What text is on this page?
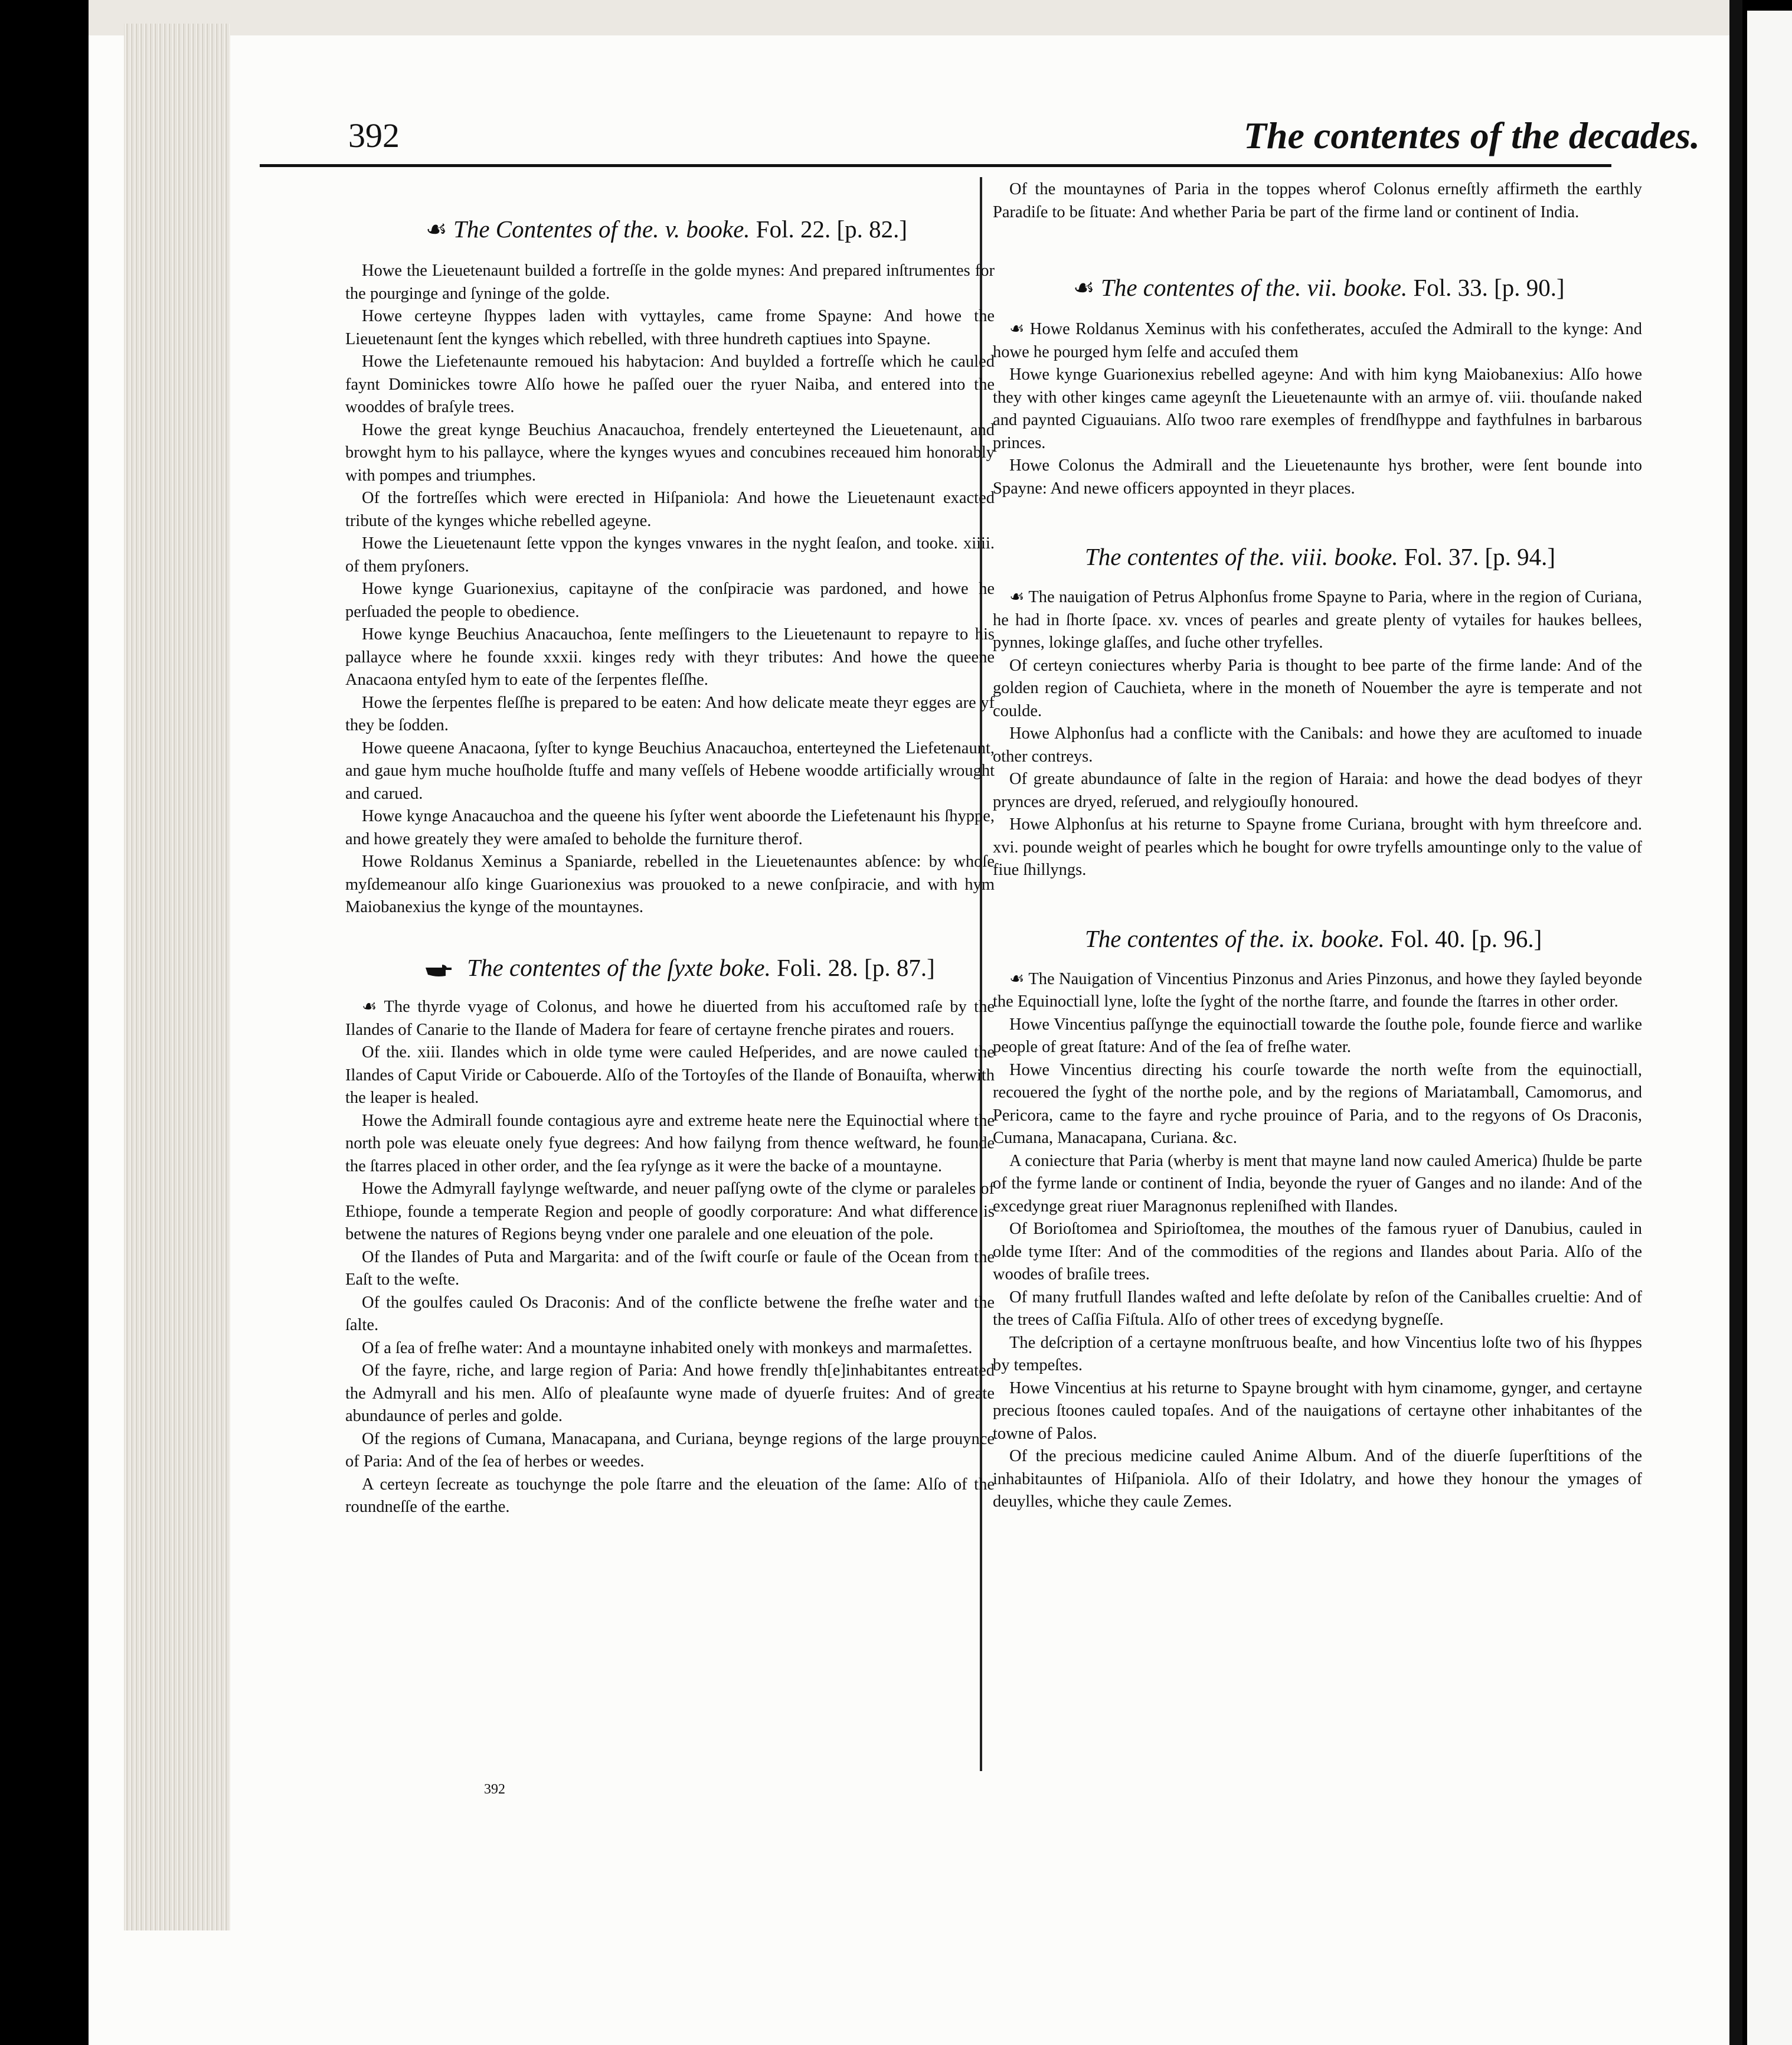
392	The contentes of the decades.

☙ The Contentes of the. v. booke. Fol. 22. [p. 82.]

Howe the Lieuetenaunt builded a fortreſſe in the golde mynes: And prepared inſtrumentes for the pourginge and ſyninge of the golde.

Howe certeyne ſhyppes laden with vyttayles, came frome Spayne: And howe the Lieuetenaunt ſent the kynges which rebelled, with three hundreth captiues into Spayne.

Howe the Liefetenaunte remoued his habytacion: And buylded a fortreſſe which he cauled faynt Dominickes towre Alſo howe he paſſed ouer the ryuer Naiba, and entered into the wooddes of braſyle trees.

Howe the great kynge Beuchius Anacauchoa, frendely enterteyned the Lieuetenaunt, and browght hym to his pallayce, where the kynges wyues and concubines receaued him honorably with pompes and triumphes.

Of the fortreſſes which were erected in Hiſpaniola: And howe the Lieuetenaunt exacted tribute of the kynges whiche rebelled ageyne.

Howe the Lieuetenaunt ſette vppon the kynges vnwares in the nyght ſeaſon, and tooke. xiiii. of them pryſoners.

Howe kynge Guarionexius, capitayne of the conſpiracie was pardoned, and howe he perſuaded the people to obedience.

Howe kynge Beuchius Anacauchoa, ſente meſſingers to the Lieuetenaunt to repayre to his pallayce where he founde xxxii. kinges redy with theyr tributes: And howe the queene Anacaona entyſed hym to eate of the ſerpentes fleſſhe.

Howe the ſerpentes fleſſhe is prepared to be eaten: And how delicate meate theyr egges are yf they be ſodden.

Howe queene Anacaona, ſyſter to kynge Beuchius Anacauchoa, enterteyned the Liefetenaunt, and gaue hym muche houſholde ſtuffe and many veſſels of Hebene woodde artificially wrought and carued.

Howe kynge Anacauchoa and the queene his ſyſter went aboorde the Liefetenaunt his ſhyppe, and howe greately they were amaſed to beholde the furniture therof.

Howe Roldanus Xeminus a Spaniarde, rebelled in the Lieuetenauntes abſence: by whoſe myſdemeanour alſo kinge Guarionexius was prouoked to a newe conſpiracie, and with hym Maiobanexius the kynge of the mountaynes.

The contentes of the ſyxte boke. Foli. 28. [p. 87.]

☙ The thyrde vyage of Colonus, and howe he diuerted from his accuſtomed raſe by the Ilandes of Canarie to the Ilande of Madera for feare of certayne frenche pirates and rouers.

Of the. xiii. Ilandes which in olde tyme were cauled Heſperides, and are nowe cauled the Ilandes of Caput Viride or Cabouerde. Alſo of the Tortoyſes of the Ilande of Bonauiſta, wherwith the leaper is healed.

Howe the Admirall founde contagious ayre and extreme heate nere the Equinoctial where the north pole was eleuate onely fyue degrees: And how failyng from thence weſtward, he founde the ſtarres placed in other order, and the ſea ryſynge as it were the backe of a mountayne.

Howe the Admyrall faylynge weſtwarde, and neuer paſſyng owte of the clyme or paraleles of Ethiope, founde a temperate Region and people of goodly corporature: And what difference is betwene the natures of Regions beyng vnder one paralele and one eleuation of the pole.

Of the Ilandes of Puta and Margarita: and of the ſwift courſe or faule of the Ocean from the Eaſt to the weſte.

Of the goulfes cauled Os Draconis: And of the conflicte betwene the freſhe water and the ſalte.

Of a ſea of freſhe water: And a mountayne inhabited onely with monkeys and marmaſettes.

Of the fayre, riche, and large region of Paria: And howe frendly th[e]inhabitantes entreated the Admyrall and his men. Alſo of pleaſaunte wyne made of dyuerſe fruites: And of greate abundaunce of perles and golde.

Of the regions of Cumana, Manacapana, and Curiana, beynge regions of the large prouynce of Paria: And of the ſea of herbes or weedes.

A certeyn ſecreate as touchynge the pole ſtarre and the eleuation of the ſame: Alſo of the roundneſſe of the earthe.

Of the mountaynes of Paria in the toppes wherof Colonus erneſtly affirmeth the earthly Paradiſe to be ſituate: And whether Paria be part of the firme land or continent of India.

☙ The contentes of the. vii. booke. Fol. 33. [p. 90.]

☙ Howe Roldanus Xeminus with his confetherates, accuſed the Admirall to the kynge: And howe he pourged hym ſelfe and accuſed them

Howe kynge Guarionexius rebelled ageyne: And with him kyng Maiobanexius: Alſo howe they with other kinges came ageynſt the Lieuetenaunte with an armye of. viii. thouſande naked and paynted Ciguauians. Alſo twoo rare exemples of frendſhyppe and faythfulnes in barbarous princes.

Howe Colonus the Admirall and the Lieuetenaunte hys brother, were ſent bounde into Spayne: And newe officers appoynted in theyr places.

The contentes of the. viii. booke. Fol. 37. [p. 94.]

☙ The nauigation of Petrus Alphonſus frome Spayne to Paria, where in the region of Curiana, he had in ſhorte ſpace. xv. vnces of pearles and greate plenty of vytailes for haukes bellees, pynnes, lokinge glaſſes, and ſuche other tryfelles.

Of certeyn coniectures wherby Paria is thought to bee parte of the firme lande: And of the golden region of Cauchieta, where in the moneth of Nouember the ayre is temperate and not coulde.

Howe Alphonſus had a conflicte with the Canibals: and howe they are acuſtomed to inuade other contreys.

Of greate abundaunce of ſalte in the region of Haraia: and howe the dead bodyes of theyr prynces are dryed, reſerued, and relygiouſly honoured.

Howe Alphonſus at his returne to Spayne frome Curiana, brought with hym threeſcore and. xvi. pounde weight of pearles which he bought for owre tryfells amountinge only to the value of fiue ſhillyngs.

The contentes of the. ix. booke. Fol. 40. [p. 96.]

☙ The Nauigation of Vincentius Pinzonus and Aries Pinzonus, and howe they ſayled beyonde the Equinoctiall lyne, loſte the ſyght of the northe ſtarre, and founde the ſtarres in other order.

Howe Vincentius paſſynge the equinoctiall towarde the ſouthe pole, founde fierce and warlike people of great ſtature: And of the ſea of freſhe water.

Howe Vincentius directing his courſe towarde the north weſte from the equinoctiall, recouered the ſyght of the northe pole, and by the regions of Mariatamball, Camomorus, and Pericora, came to the fayre and ryche prouince of Paria, and to the regyons of Os Draconis, Cumana, Manacapana, Curiana. &c.

A coniecture that Paria (wherby is ment that mayne land now cauled America) ſhulde be parte of the fyrme lande or continent of India, beyonde the ryuer of Ganges and no ilande: And of the excedynge great riuer Maragnonus repleniſhed with Ilandes.

Of Borioſtomea and Spirioſtomea, the mouthes of the famous ryuer of Danubius, cauled in olde tyme Iſter: And of the commodities of the regions and Ilandes about Paria. Alſo of the woodes of braſile trees.

Of many frutfull Ilandes waſted and lefte deſolate by reſon of the Caniballes crueltie: And of the trees of Caſſia Fiſtula. Alſo of other trees of excedyng bygneſſe.

The deſcription of a certayne monſtruous beaſte, and how Vincentius loſte two of his ſhyppes by tempeſtes.

Howe Vincentius at his returne to Spayne brought with hym cinamome, gynger, and certayne precious ſtoones cauled topaſes. And of the nauigations of certayne other inhabitantes of the towne of Palos.

Of the precious medicine cauled Anime Album. And of the diuerſe ſuperſtitions of the inhabitauntes of Hiſpaniola. Alſo of their Idolatry, and howe they honour the ymages of deuylles, whiche they caule Zemes.

392
